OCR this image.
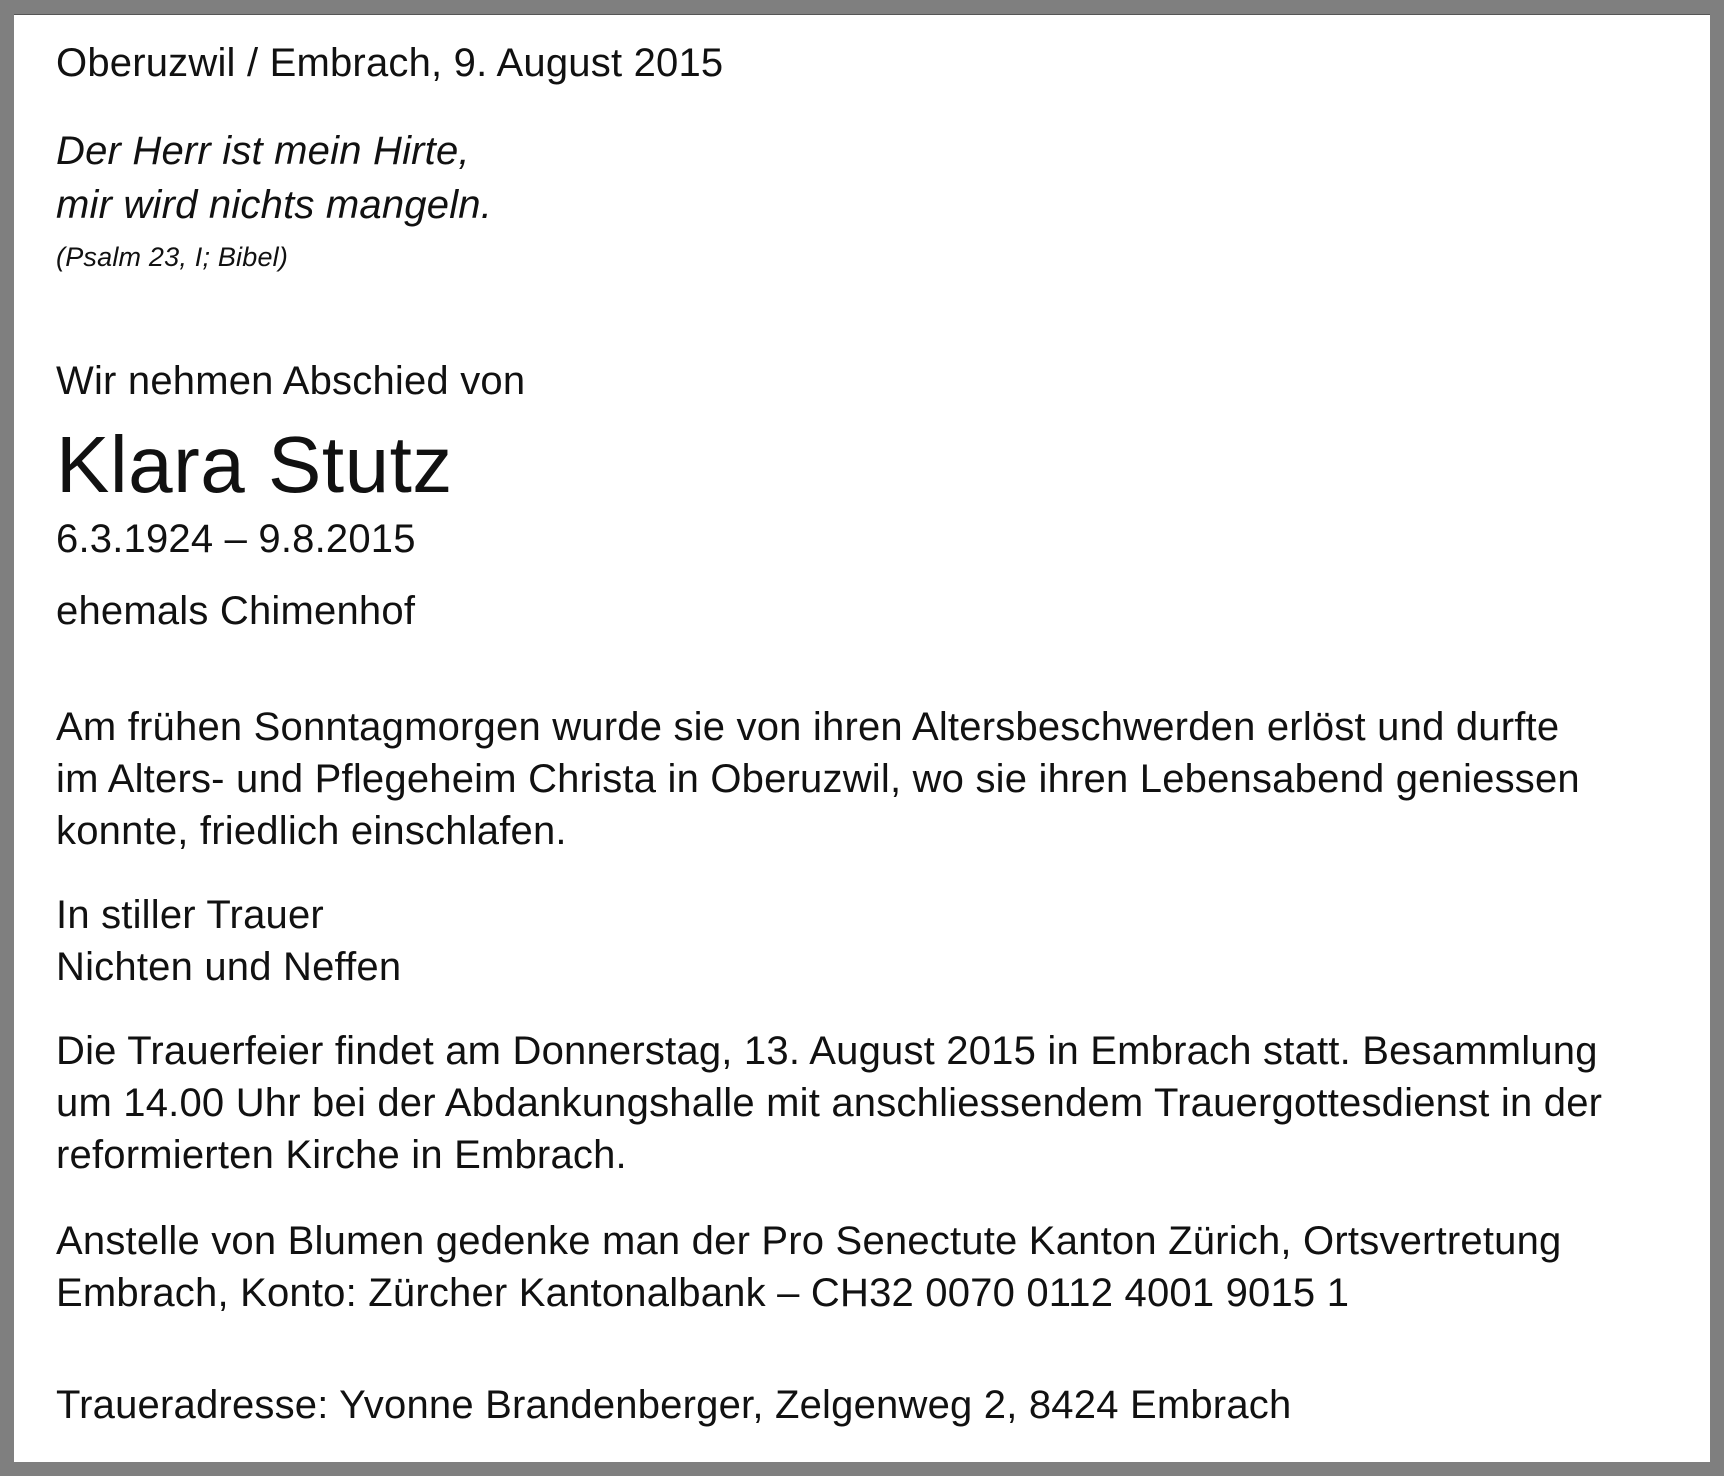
Oberuzwil / Embrach, 9. August 2015

Der Herr ist mein Hirte,

mir wird nichts mangeln.

(Psalm 23, I; Bibel)

Wir nehmen Abschied von

Klara Stutz

6.3.1924 – 9.8.2015

ehemals Chimenhof

Am frühen Sonntagmorgen wurde sie von ihren Altersbeschwerden erlöst und durfte

im Alters- und Pflegeheim Christa in Oberuzwil, wo sie ihren Lebensabend geniessen

konnte, friedlich einschlafen.

In stiller Trauer

Nichten und Neffen

Die Trauerfeier findet am Donnerstag, 13. August 2015 in Embrach statt. Besammlung

um 14.00 Uhr bei der Abdankungshalle mit anschliessendem Trauergottesdienst in der

reformierten Kirche in Embrach.

Anstelle von Blumen gedenke man der Pro Senectute Kanton Zürich, Ortsvertretung

Embrach, Konto: Zürcher Kantonalbank – CH32 0070 0112 4001 9015 1

Traueradresse: Yvonne Brandenberger, Zelgenweg 2, 8424 Embrach
